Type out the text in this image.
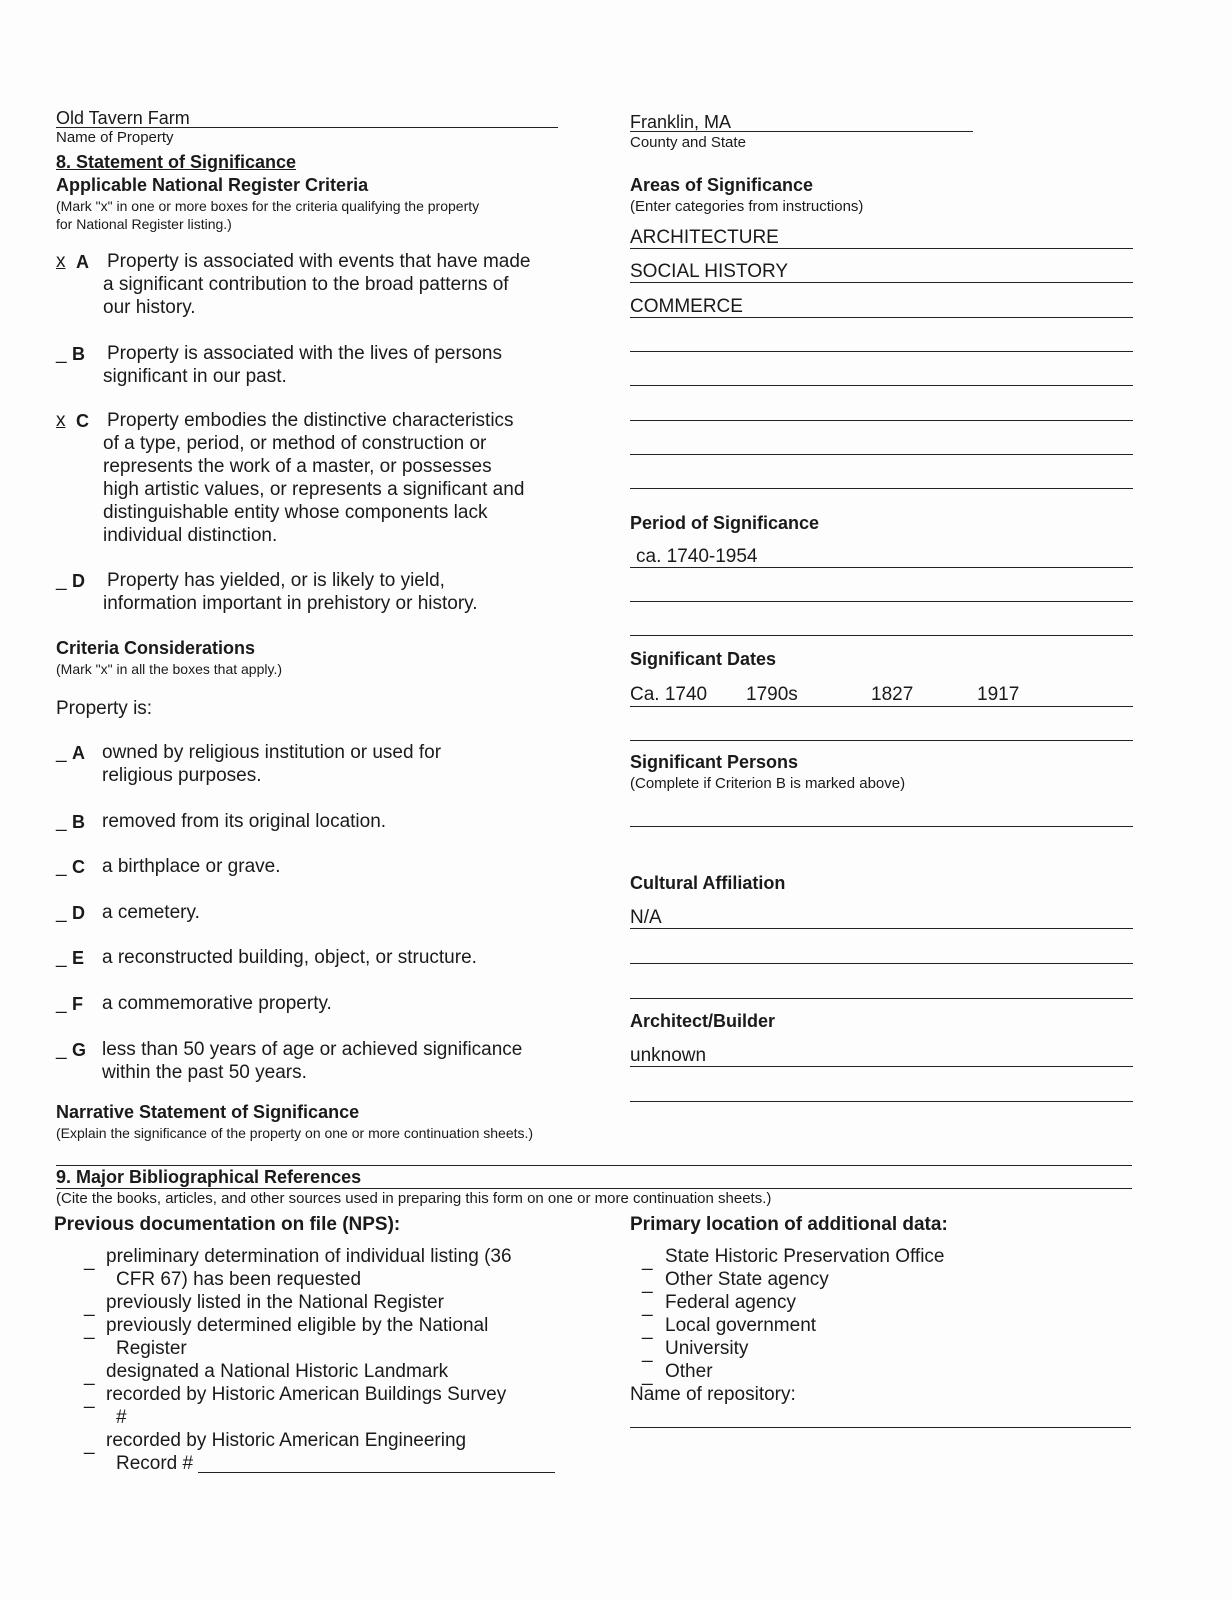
Old Tavern Farm
Name of Property
Franklin, MA
County and State
8. Statement of Significance
Applicable National Register Criteria
(Mark "x" in one or more boxes for the criteria qualifying the property
for National Register listing.)
x A Property is associated with events that have made
a significant contribution to the broad patterns of
our history.
_ B Property is associated with the lives of persons
significant in our past.
x C Property embodies the distinctive characteristics
of a type, period, or method of construction or
represents the work of a master, or possesses
high artistic values, or represents a significant and
distinguishable entity whose components lack
individual distinction.
_ D Property has yielded, or is likely to yield,
information important in prehistory or history.
Criteria Considerations
(Mark "x" in all the boxes that apply.)
Property is:
_ A owned by religious institution or used for
religious purposes.
_ B removed from its original location.
_ C a birthplace or grave.
_ D a cemetery.
_ E a reconstructed building, object, or structure.
_ F a commemorative property.
_ G less than 50 years of age or achieved significance
within the past 50 years.
Narrative Statement of Significance
(Explain the significance of the property on one or more continuation sheets.)
Areas of Significance
(Enter categories from instructions)
ARCHITECTURE
SOCIAL HISTORY
COMMERCE
Period of Significance
ca. 1740-1954
Significant Dates
Ca. 1740 1790s	1827	1917
Significant Persons
(Complete if Criterion B is marked above)
Cultural Affiliation
N/A
Architect/Builder
unknown
9. Major Bibliographical References
(Cite the books, articles, and other sources used in preparing this form on one or more continuation sheets.)
Previous documentation on file (NPS):
_ preliminary determination of individual listing (36
CFR 67) has been requested
_ previously listed in the National Register
_ previously determined eligible by the National
Register
_ designated a National Historic Landmark
_ recorded by Historic American Buildings Survey
#
_ recorded by Historic American Engineering
Record #
Primary location of additional data:
_ State Historic Preservation Office
_ Other State agency
_ Federal agency
_ Local government
_ University
_ Other
Name of repository:
